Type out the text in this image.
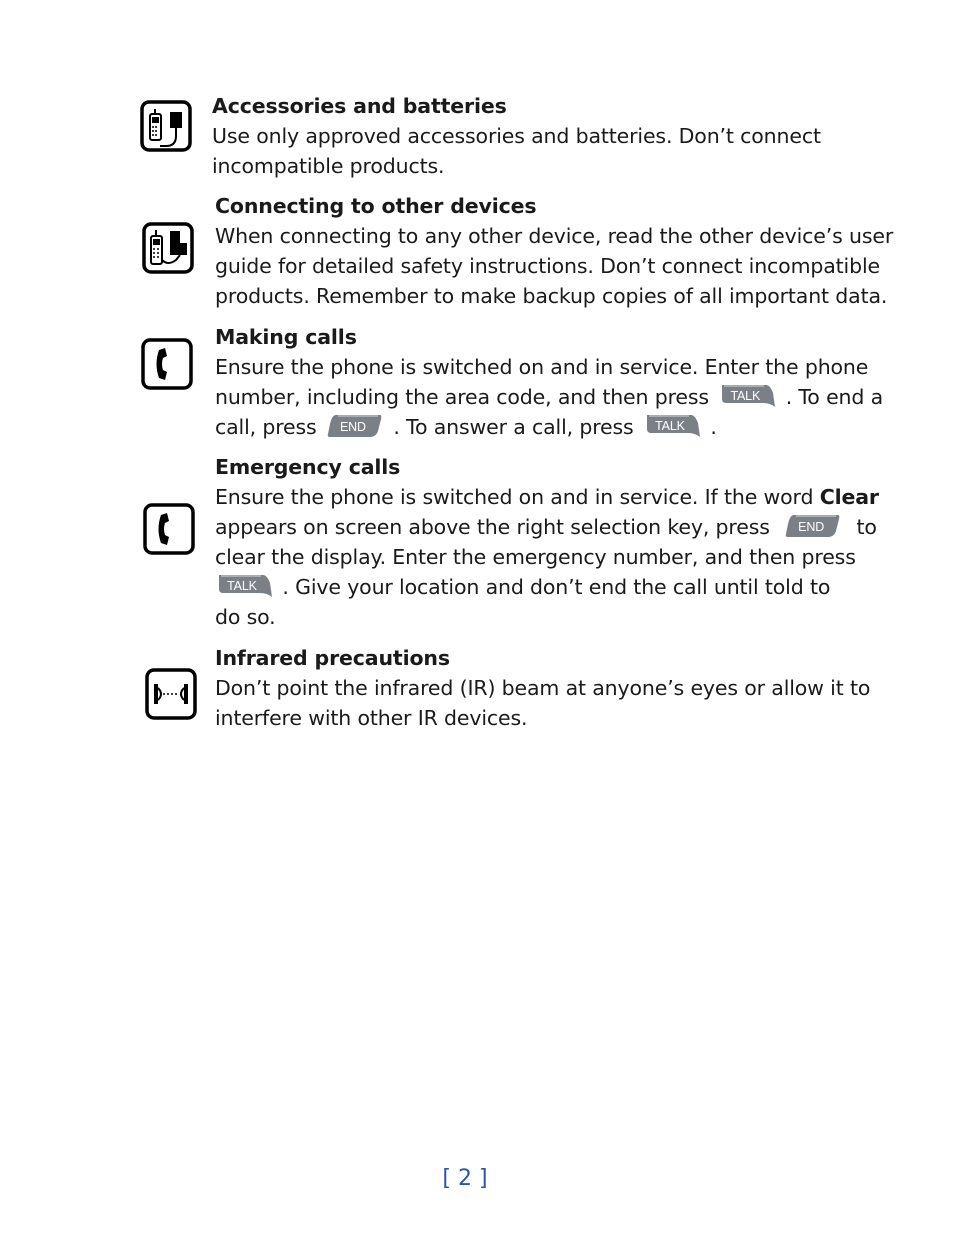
Accessories and batteries
Use only approved accessories and batteries. Don’t connect
incompatible products.
Connecting to other devices
When connecting to any other device, read the other device’s user
guide for detailed safety instructions. Don’t connect incompatible
products. Remember to make backup copies of all important data.
Making calls
Ensure the phone is switched on and in service. Enter the phone
number, including the area code, and then press	TALK	. To end a
call, press	END	. To answer a call, press	TALK	.
Emergency calls
Ensure the phone is switched on and in service. If the word Clear
appears on screen above the right selection key, press	END	to
clear the display. Enter the emergency number, and then press
TALK	. Give your location and don’t end the call until told to
do so.
Infrared precautions
Don’t point the infrared (IR) beam at anyone’s eyes or allow it to
interfere with other IR devices.
[ 2 ]
